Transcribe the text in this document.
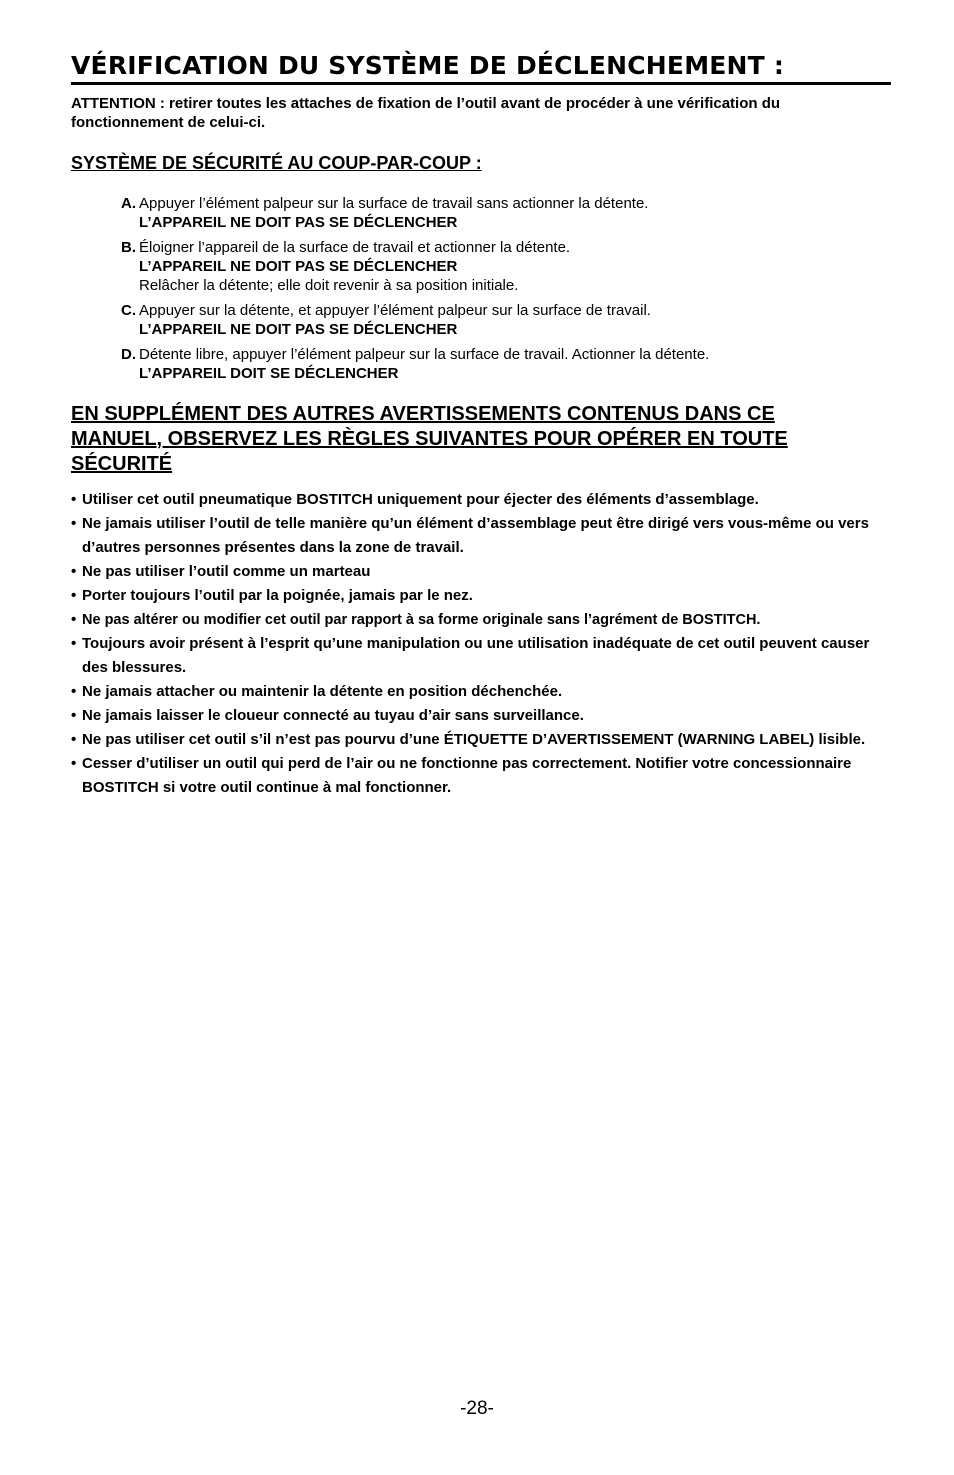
VÉRIFICATION DU SYSTÈME DE DÉCLENCHEMENT :
ATTENTION : retirer toutes les attaches de fixation de l’outil avant de procéder à une vérification du fonctionnement de celui-ci.
SYSTÈME DE SÉCURITÉ AU COUP-PAR-COUP :
A. Appuyer l’élément palpeur sur la surface de travail sans actionner la détente.
L’APPAREIL NE DOIT PAS SE DÉCLENCHER
B. Éloigner l’appareil de la surface de travail et actionner la détente.
L’APPAREIL NE DOIT PAS SE DÉCLENCHER
Relâcher la détente; elle doit revenir à sa position initiale.
C. Appuyer sur la détente, et appuyer l’élément palpeur sur la surface de travail.
L’APPAREIL NE DOIT PAS SE DÉCLENCHER
D. Détente libre, appuyer l’élément palpeur sur la surface de travail. Actionner la détente.
L’APPAREIL DOIT SE DÉCLENCHER
EN SUPPLÉMENT DES AUTRES AVERTISSEMENTS CONTENUS DANS CE MANUEL, OBSERVEZ LES RÈGLES SUIVANTES POUR OPÉRER EN TOUTE SÉCURITÉ
• Utiliser cet outil pneumatique BOSTITCH uniquement pour éjecter des éléments d’assemblage.
• Ne jamais utiliser l’outil de telle manière qu’un élément d’assemblage peut être dirigé vers vous-même ou vers d’autres personnes présentes dans la zone de travail.
• Ne pas utiliser l’outil comme un marteau
• Porter toujours l’outil par la poignée, jamais par le nez.
• Ne pas altérer ou modifier cet outil par rapport à sa forme originale sans l’agrément de BOSTITCH.
• Toujours avoir présent à l’esprit qu’une manipulation ou une utilisation inadéquate de cet outil peuvent causer des blessures.
• Ne jamais attacher ou maintenir la détente en position déchenchée.
• Ne jamais laisser le cloueur connecté au tuyau d’air sans surveillance.
• Ne pas utiliser cet outil s’il n’est pas pourvu d’une ÉTIQUETTE D’AVERTISSEMENT (WARNING LABEL) lisible.
• Cesser d’utiliser un outil qui perd de l’air ou ne fonctionne pas correctement. Notifier votre concessionnaire BOSTITCH si votre outil continue à mal fonctionner.
-28-
